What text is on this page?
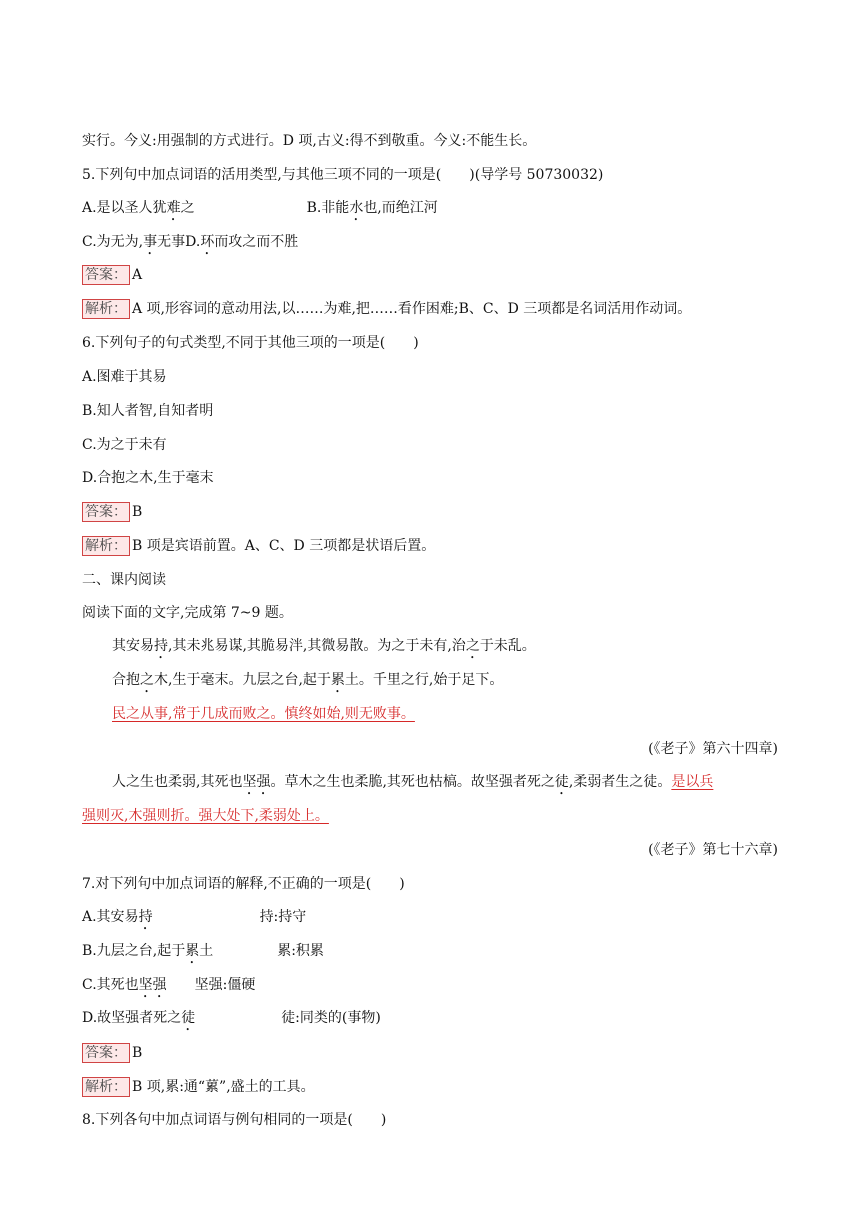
实行。今义:用强制的方式进行。D 项,古义:得不到敬重。今义:不能生长。
5.下列句中加点词语的活用类型,与其他三项不同的一项是(　　)(导学号 50730032)
A.是以圣人犹难之	B.非能水也,而绝江河
C.为无为,事无事D.环而攻之而不胜
答案： A
解析： A 项,形容词的意动用法,以……为难,把……看作困难;B、C、D 三项都是名词活用作动词。
6.下列句子的句式类型,不同于其他三项的一项是(　　)
A.图难于其易
B.知人者智,自知者明
C.为之于未有
D.合抱之木,生于毫末
答案： B
解析： B 项是宾语前置。A、C、D 三项都是状语后置。
二、课内阅读
阅读下面的文字,完成第 7~9 题。
其安易持,其未兆易谋,其脆易泮,其微易散。为之于未有,治之于未乱。
合抱之木,生于毫末。九层之台,起于累土。千里之行,始于足下。
民之从事,常于几成而败之。慎终如始,则无败事。
(《老子》第六十四章)
人之生也柔弱,其死也坚强。草木之生也柔脆,其死也枯槁。故坚强者死之徒,柔弱者生之徒。是以兵
强则灭,木强则折。强大处下,柔弱处上。
(《老子》第七十六章)
7.对下列句中加点词语的解释,不正确的一项是(　　)
A.其安易持	持:持守
B.九层之台,起于累土	累:积累
C.其死也坚强 坚强:僵硬
D.故坚强者死之徒	徒:同类的(事物)
答案： B
解析： B 项,累:通“蔂”,盛土的工具。
8.下列各句中加点词语与例句相同的一项是(　　)
